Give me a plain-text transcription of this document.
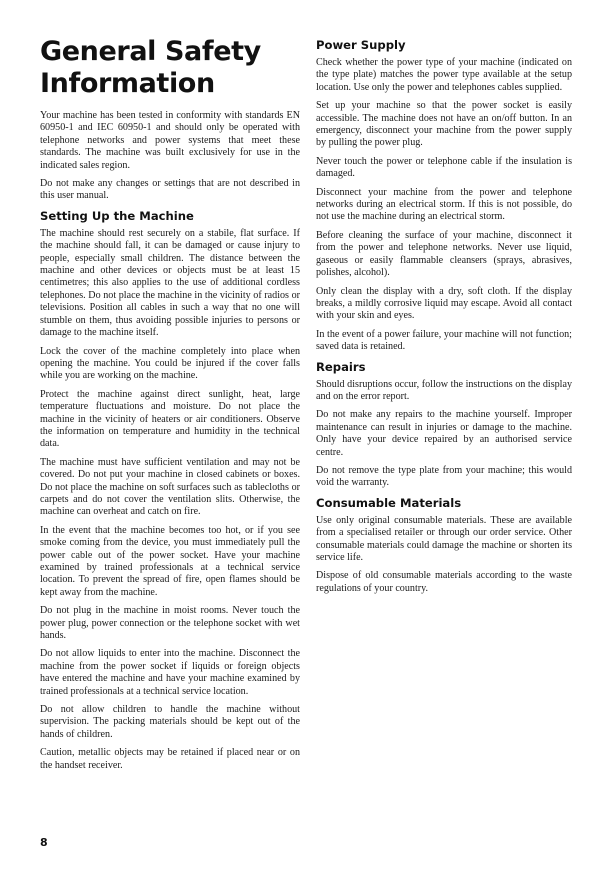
General Safety Information

Your machine has been tested in conformity with standards EN 60950-1 and IEC 60950-1 and should only be operated with telephone networks and power systems that meet these standards. The machine was built exclusively for use in the indicated sales region.

Do not make any changes or settings that are not described in this user manual.

Setting Up the Machine

The machine should rest securely on a stabile, flat surface. If the machine should fall, it can be damaged or cause injury to people, especially small children. The distance between the machine and other devices or objects must be at least 15 centimetres; this also applies to the use of additional cordless telephones. Do not place the machine in the vicinity of radios or televisions. Position all cables in such a way that no one will stumble on them, thus avoiding possible injuries to persons or damage to the machine itself.

Lock the cover of the machine completely into place when opening the machine. You could be injured if the cover falls while you are working on the machine.

Protect the machine against direct sunlight, heat, large temperature fluctuations and moisture. Do not place the machine in the vicinity of heaters or air conditioners. Observe the information on temperature and humidity in the technical data.

The machine must have sufficient ventilation and may not be covered. Do not put your machine in closed cabinets or boxes. Do not place the machine on soft surfaces such as tablecloths or carpets and do not cover the ventilation slits. Otherwise, the machine can overheat and catch on fire.

In the event that the machine becomes too hot, or if you see smoke coming from the device, you must immediately pull the power cable out of the power socket. Have your machine examined by trained professionals at a technical service location. To prevent the spread of fire, open flames should be kept away from the machine.

Do not plug in the machine in moist rooms. Never touch the power plug, power connection or the telephone socket with wet hands.

Do not allow liquids to enter into the machine. Disconnect the machine from the power socket if liquids or foreign objects have entered the machine and have your machine examined by trained professionals at a technical service location.

Do not allow children to handle the machine without supervision. The packing materials should be kept out of the hands of children.

Caution, metallic objects may be retained if placed near or on the handset receiver.

Power Supply

Check whether the power type of your machine (indicated on the type plate) matches the power type available at the setup location. Use only the power and telephones cables supplied.

Set up your machine so that the power socket is easily accessible. The machine does not have an on/off button. In an emergency, disconnect your machine from the power supply by pulling the power plug.

Never touch the power or telephone cable if the insulation is damaged.

Disconnect your machine from the power and telephone networks during an electrical storm. If this is not possible, do not use the machine during an electrical storm.

Before cleaning the surface of your machine, disconnect it from the power and telephone networks. Never use liquid, gaseous or easily flammable cleansers (sprays, abrasives, polishes, alcohol).

Only clean the display with a dry, soft cloth. If the display breaks, a mildly corrosive liquid may escape. Avoid all contact with your skin and eyes.

In the event of a power failure, your machine will not function; saved data is retained.

Repairs

Should disruptions occur, follow the instructions on the display and on the error report.

Do not make any repairs to the machine yourself. Improper maintenance can result in injuries or damage to the machine. Only have your device repaired by an authorised service centre.

Do not remove the type plate from your machine; this would void the warranty.

Consumable Materials

Use only original consumable materials. These are available from a specialised retailer or through our order service. Other consumable materials could damage the machine or shorten its service life.

Dispose of old consumable materials according to the waste regulations of your country.

8
